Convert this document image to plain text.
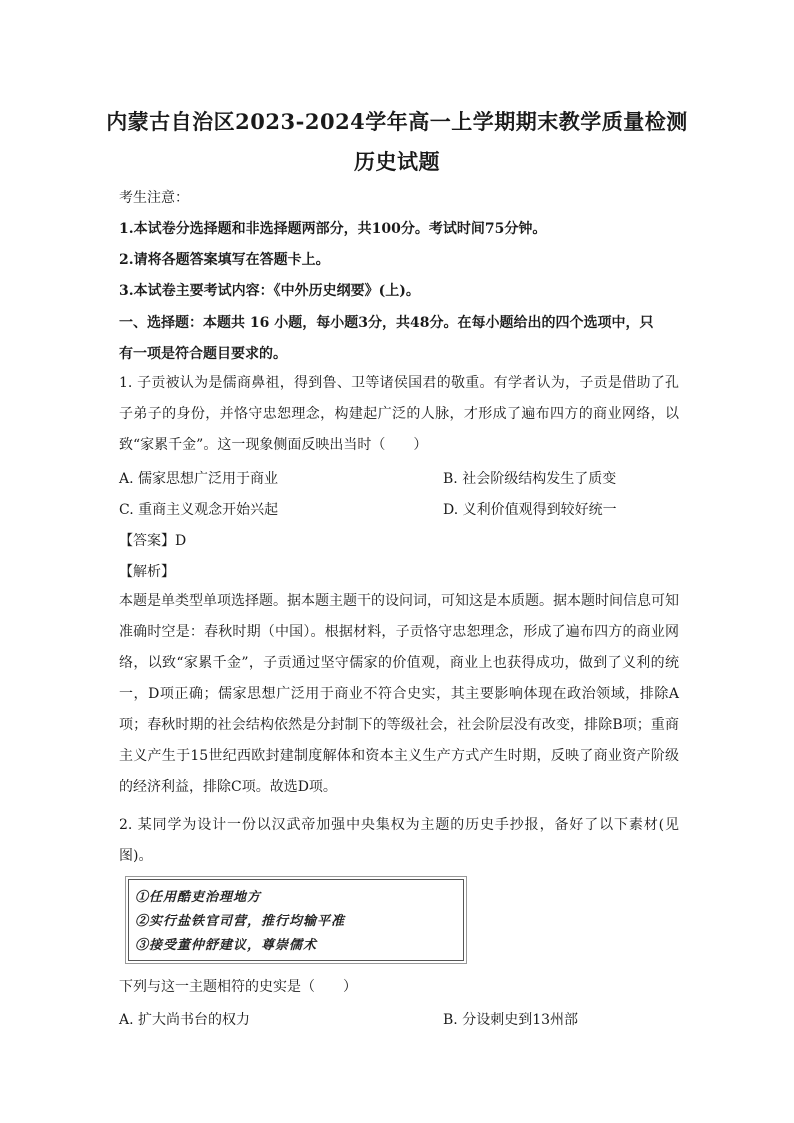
内蒙古自治区2023-2024学年高一上学期期末教学质量检测
历史试题
考生注意：
1.本试卷分选择题和非选择题两部分，共100分。考试时间75分钟。
2.请将各题答案填写在答题卡上。
3.本试卷主要考试内容：《中外历史纲要》(上)。
一、选择题：本题共 16 小题，每小题3分，共48分。在每小题给出的四个选项中，只
有一项是符合题目要求的。
1. 子贡被认为是儒商鼻祖，得到鲁、卫等诸侯国君的敬重。有学者认为，子贡是借助了孔子弟子的身份，并恪守忠恕理念，构建起广泛的人脉，才形成了遍布四方的商业网络，以致“家累千金”。这一现象侧面反映出当时（　　）
A. 儒家思想广泛用于商业	B. 社会阶级结构发生了质变
C. 重商主义观念开始兴起	D. 义利价值观得到较好统一
【答案】D
【解析】
本题是单类型单项选择题。据本题主题干的设问词，可知这是本质题。据本题时间信息可知准确时空是：春秋时期（中国）。根据材料，子贡恪守忠恕理念，形成了遍布四方的商业网络，以致“家累千金”，子贡通过坚守儒家的价值观，商业上也获得成功，做到了义利的统一，D项正确；儒家思想广泛用于商业不符合史实，其主要影响体现在政治领域，排除A项；春秋时期的社会结构依然是分封制下的等级社会，社会阶层没有改变，排除B项；重商主义产生于15世纪西欧封建制度解体和资本主义生产方式产生时期，反映了商业资产阶级的经济利益，排除C项。故选D项。
2. 某同学为设计一份以汉武帝加强中央集权为主题的历史手抄报，备好了以下素材(见图)。
①任用酷吏治理地方
②实行盐铁官司营，推行均输平准
③接受董仲舒建议，尊崇儒术
下列与这一主题相符的史实是（　　）
A. 扩大尚书台的权力	B. 分设刺史到13州部
